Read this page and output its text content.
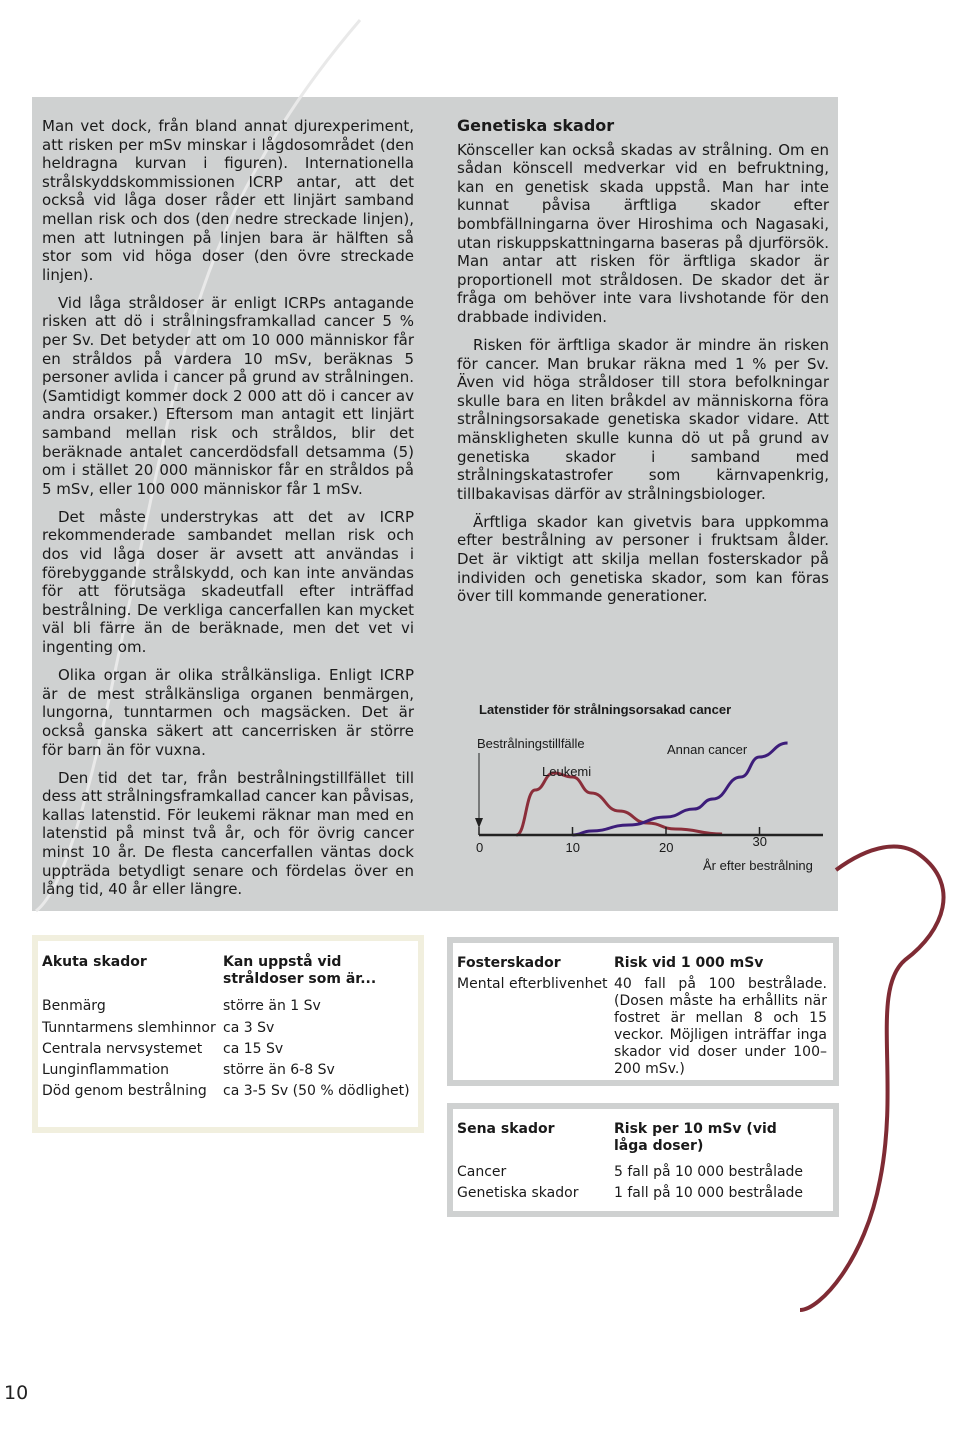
Man vet dock, från bland annat djurexperiment, att risken per mSv minskar i lågdosområdet (den heldragna kurvan i figuren). Internationella strålskyddskommissionen ICRP antar, att det också vid låga doser råder ett linjärt samband mellan risk och dos (den nedre streckade linjen), men att lutningen på linjen bara är hälften så stor som vid höga doser (den övre streckade linjen).

Vid låga stråldoser är enligt ICRPs antagande risken att dö i strålningsframkallad cancer 5 % per Sv. Det betyder att om 10 000 människor får en stråldos på vardera 10 mSv, beräknas 5 personer avlida i cancer på grund av strålningen. (Samtidigt kommer dock 2 000 att dö i cancer av andra orsaker.) Eftersom man antagit ett linjärt samband mellan risk och stråldos, blir det beräknade antalet cancerdödsfall detsamma (5) om i stället 20 000 människor får en stråldos på 5 mSv, eller 100 000 människor får 1 mSv.

Det måste understrykas att det av ICRP rekommenderade sambandet mellan risk och dos vid låga doser är avsett att användas i förebyggande strålskydd, och kan inte användas för att förutsäga skadeutfall efter inträffad bestrålning. De verkliga cancerfallen kan mycket väl bli färre än de beräknade, men det vet vi ingenting om.

Olika organ är olika strålkänsliga. Enligt ICRP är de mest strålkänsliga organen benmärgen, lungorna, tunntarmen och magsäcken. Det är också ganska säkert att cancerrisken är större för barn än för vuxna.

Den tid det tar, från bestrålningstillfället till dess att strålningsframkallad cancer kan påvisas, kallas latenstid. För leukemi räknar man med en latenstid på minst två år, och för övrig cancer minst 10 år. De flesta cancerfallen väntas dock uppträda betydligt senare och fördelas över en lång tid, 40 år eller längre.

Genetiska skador

Könsceller kan också skadas av strålning. Om en sådan könscell medverkar vid en befruktning, kan en genetisk skada uppstå. Man har inte kunnat påvisa ärftliga skador efter bombfällningarna över Hiroshima och Nagasaki, utan riskuppskattningarna baseras på djurförsök. Man antar att risken för ärftliga skador är proportionell mot stråldosen. De skador det är fråga om behöver inte vara livshotande för den drabbade individen.

Risken för ärftliga skador är mindre än risken för cancer. Man brukar räkna med 1 % per Sv. Även vid höga stråldoser till stora befolkningar skulle bara en liten bråkdel av människorna föra strålningsorsakade genetiska skador vidare. Att mänskligheten skulle kunna dö ut på grund av genetiska skador i samband med strålningskatastrofer som kärnvapenkrig, tillbakavisas därför av strålningsbiologer.

Ärftliga skador kan givetvis bara uppkomma efter bestrålning av personer i fruktsam ålder. Det är viktigt att skilja mellan fosterskador på individen och genetiska skador, som kan föras över till kommande generationer.

Latenstider för strålningsorsakad cancer
Bestrålningstillfälle
0	10	20	30
År efter bestrålning
Leukemi
Annan cancer
Akuta skador	Kan uppstå vid stråldoser som är...
Benmärg	större än 1 Sv
Tunntarmens slemhinnor ca 3 Sv
Centrala nervsystemet	ca 15 Sv
Lunginflammation	större än 6-8 Sv
Död genom bestrålning	ca 3-5 Sv (50 % dödlighet)
Fosterskador	Risk vid 1 000 mSv
Mental efterblivenhet 40 fall på 100 bestrålade. (Dosen måste ha erhållits när fostret är mellan 8 och 15 veckor. Möjligen inträffar inga skador vid doser under 100–200 mSv.)
Sena skador	Risk per 10 mSv (vid låga doser)
Cancer	5 fall på 10 000 bestrålade
Genetiska skador	1 fall på 10 000 bestrålade
10
